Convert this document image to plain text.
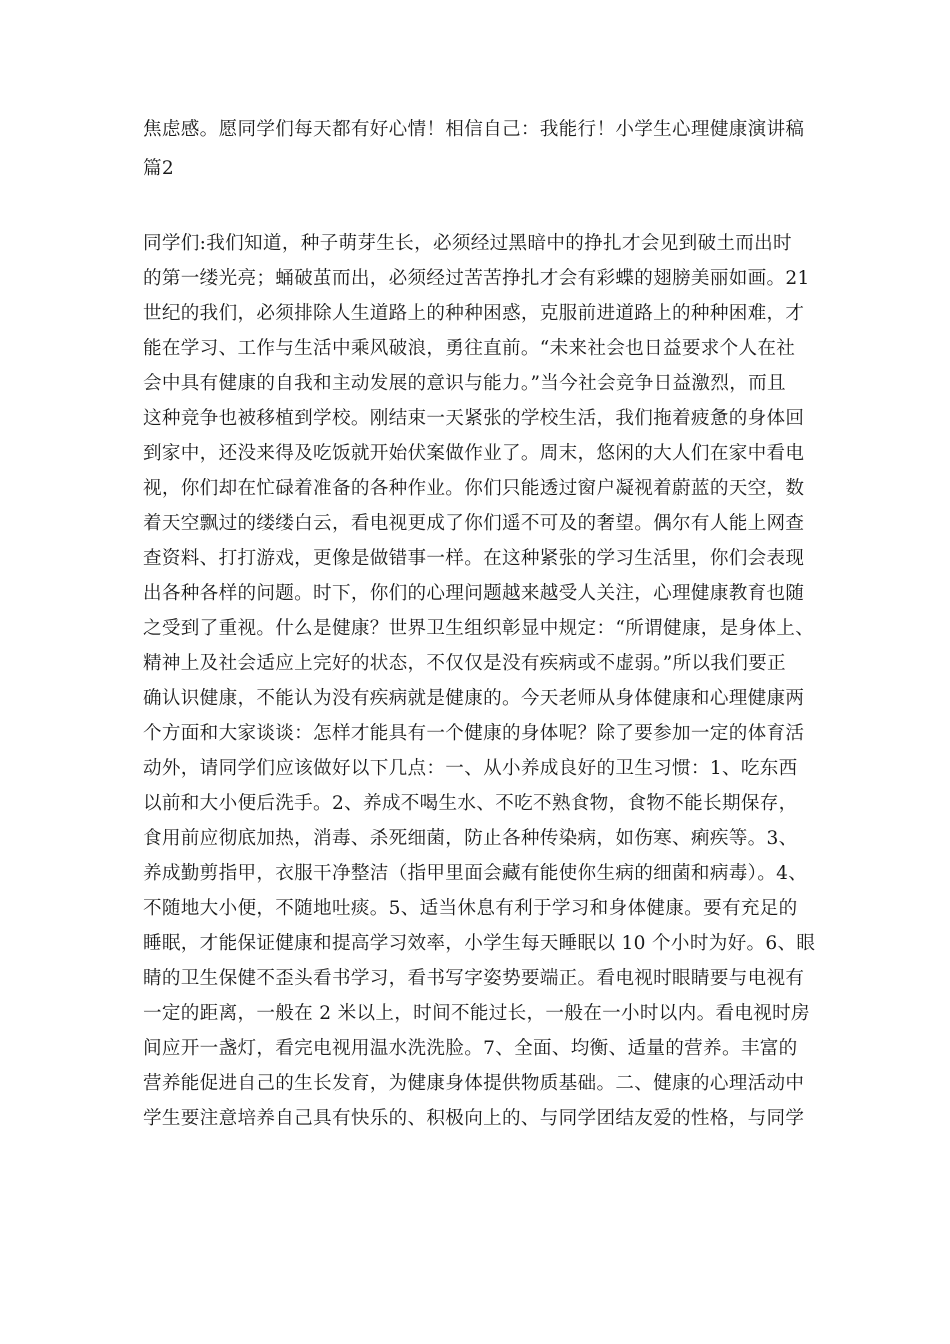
焦虑感。愿同学们每天都有好心情！相信自己：我能行！小学生心理健康演讲稿
篇2
同学们:我们知道，种子萌芽生长，必须经过黑暗中的挣扎才会见到破土而出时
的第一缕光亮；蛹破茧而出，必须经过苦苦挣扎才会有彩蝶的翅膀美丽如画。21
世纪的我们，必须排除人生道路上的种种困惑，克服前进道路上的种种困难，才
能在学习、工作与生活中乘风破浪，勇往直前。“未来社会也日益要求个人在社
会中具有健康的自我和主动发展的意识与能力。”当今社会竞争日益激烈，而且
这种竞争也被移植到学校。刚结束一天紧张的学校生活，我们拖着疲惫的身体回
到家中，还没来得及吃饭就开始伏案做作业了。周末，悠闲的大人们在家中看电
视，你们却在忙碌着准备的各种作业。你们只能透过窗户凝视着蔚蓝的天空，数
着天空飘过的缕缕白云，看电视更成了你们遥不可及的奢望。偶尔有人能上网查
查资料、打打游戏，更像是做错事一样。在这种紧张的学习生活里，你们会表现
出各种各样的问题。时下，你们的心理问题越来越受人关注，心理健康教育也随
之受到了重视。什么是健康？世界卫生组织彰显中规定：“所谓健康，是身体上、
精神上及社会适应上完好的状态，不仅仅是没有疾病或不虚弱。”所以我们要正
确认识健康，不能认为没有疾病就是健康的。今天老师从身体健康和心理健康两
个方面和大家谈谈：怎样才能具有一个健康的身体呢？除了要参加一定的体育活
动外，请同学们应该做好以下几点：一、从小养成良好的卫生习惯：1、吃东西
以前和大小便后洗手。2、养成不喝生水、不吃不熟食物，食物不能长期保存，
食用前应彻底加热，消毒、杀死细菌，防止各种传染病，如伤寒、痢疾等。3、
养成勤剪指甲，衣服干净整洁（指甲里面会藏有能使你生病的细菌和病毒）。4、
不随地大小便，不随地吐痰。5、适当休息有利于学习和身体健康。要有充足的
睡眠，才能保证健康和提高学习效率，小学生每天睡眠以 10 个小时为好。6、眼
睛的卫生保健不歪头看书学习，看书写字姿势要端正。看电视时眼睛要与电视有
一定的距离，一般在 2 米以上，时间不能过长，一般在一小时以内。看电视时房
间应开一盏灯，看完电视用温水洗洗脸。7、全面、均衡、适量的营养。丰富的
营养能促进自己的生长发育，为健康身体提供物质基础。二、健康的心理活动中
学生要注意培养自己具有快乐的、积极向上的、与同学团结友爱的性格，与同学
